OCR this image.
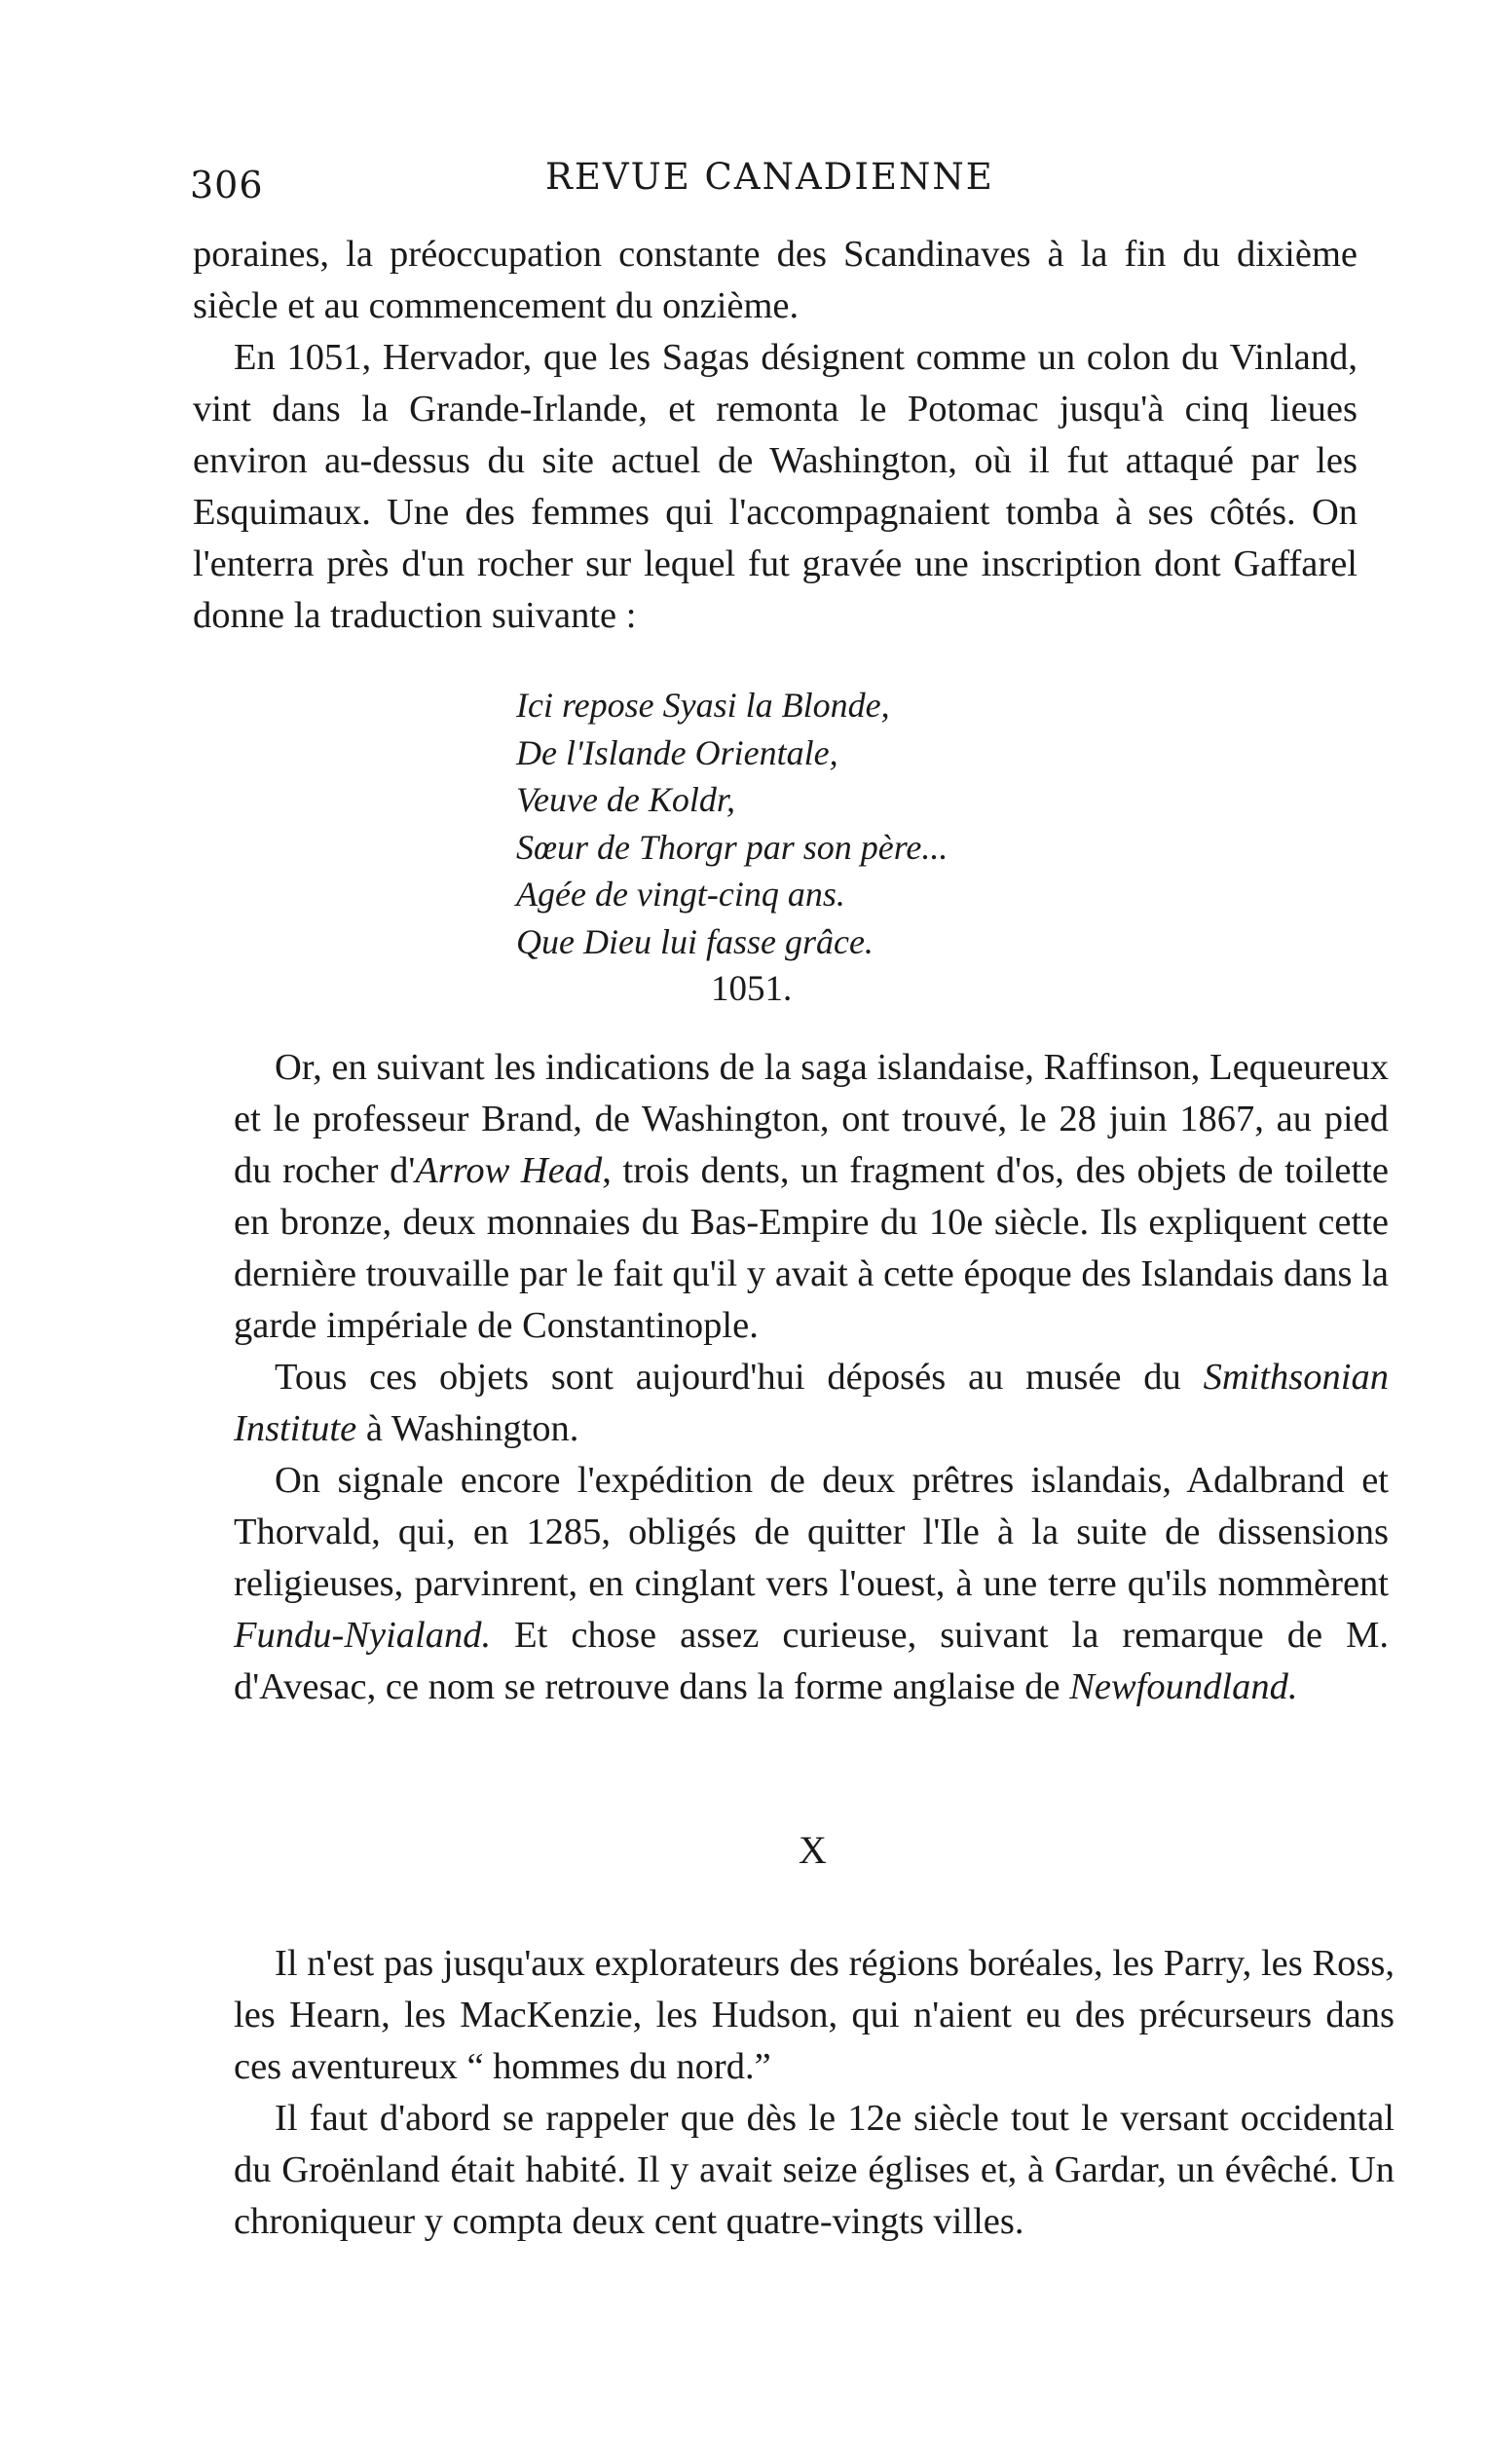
306	REVUE CANADIENNE

poraines, la préoccupation constante des Scandinaves à la fin du dixième siècle et au commencement du onzième.

En 1051, Hervador, que les Sagas désignent comme un colon du Vinland, vint dans la Grande-Irlande, et remonta le Potomac jusqu'à cinq lieues environ au-dessus du site actuel de Washington, où il fut attaqué par les Esquimaux. Une des femmes qui l'accompagnaient tomba à ses côtés. On l'enterra près d'un rocher sur lequel fut gravée une inscription dont Gaffarel donne la traduction suivante :

Ici repose Syasi la Blonde,
De l'Islande Orientale,
Veuve de Koldr,
Sœur de Thorgr par son père...
Agée de vingt-cinq ans.
Que Dieu lui fasse grâce.
1051.

Or, en suivant les indications de la saga islandaise, Raffinson, Lequeureux et le professeur Brand, de Washington, ont trouvé, le 28 juin 1867, au pied du rocher d'Arrow Head, trois dents, un fragment d'os, des objets de toilette en bronze, deux monnaies du Bas-Empire du 10e siècle. Ils expliquent cette dernière trouvaille par le fait qu'il y avait à cette époque des Islandais dans la garde impériale de Constantinople.

Tous ces objets sont aujourd'hui déposés au musée du Smithsonian Institute à Washington.

On signale encore l'expédition de deux prêtres islandais, Adalbrand et Thorvald, qui, en 1285, obligés de quitter l'Ile à la suite de dissensions religieuses, parvinrent, en cinglant vers l'ouest, à une terre qu'ils nommèrent Fundu-Nyialand. Et chose assez curieuse, suivant la remarque de M. d'Avesac, ce nom se retrouve dans la forme anglaise de Newfoundland.

X

Il n'est pas jusqu'aux explorateurs des régions boréales, les Parry, les Ross, les Hearn, les MacKenzie, les Hudson, qui n'aient eu des précurseurs dans ces aventureux “ hommes du nord.”

Il faut d'abord se rappeler que dès le 12e siècle tout le versant occidental du Groënland était habité. Il y avait seize églises et, à Gardar, un évêché. Un chroniqueur y compta deux cent quatre-vingts villes.
